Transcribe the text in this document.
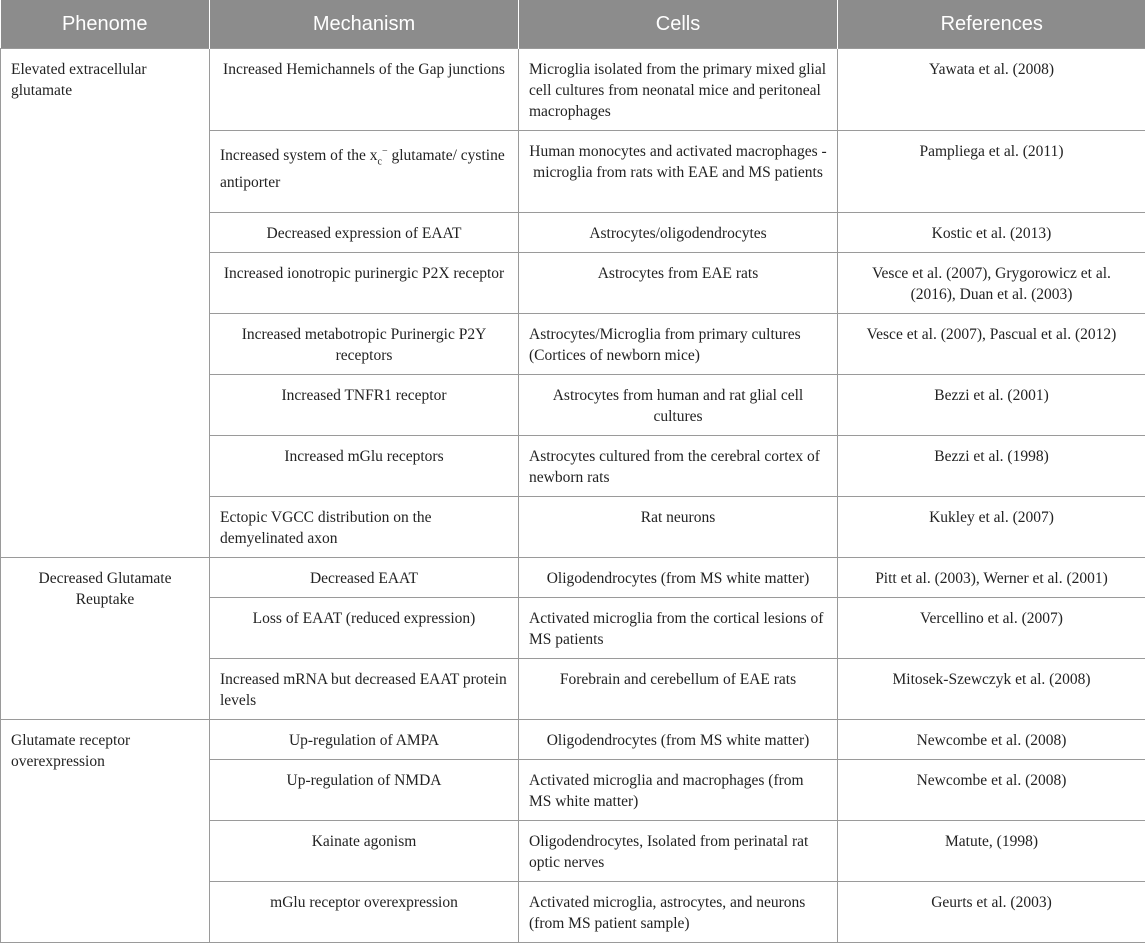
Phenome	Mechanism	Cells	References
Elevated extracellular glutamate	Increased Hemichannels of the Gap junctions	Microglia isolated from the primary mixed glial cell cultures from neonatal mice and peritoneal macrophages	Yawata et al. (2008)
	Increased system of the $x_c^-$ glutamate/ cystine antiporter	Human monocytes and activated macrophages -microglia from rats with EAE and MS patients	Pampliega et al. (2011)
	Decreased expression of EAAT	Astrocytes/oligodendrocytes	Kostic et al. (2013)
	Increased ionotropic purinergic P2X receptor	Astrocytes from EAE rats	Vesce et al. (2007), Grygorowicz et al. (2016), Duan et al. (2003)
	Increased metabotropic Purinergic P2Y receptors	Astrocytes/Microglia from primary cultures (Cortices of newborn mice)	Vesce et al. (2007), Pascual et al. (2012)
	Increased TNFR1 receptor	Astrocytes from human and rat glial cell cultures	Bezzi et al. (2001)
	Increased mGlu receptors	Astrocytes cultured from the cerebral cortex of newborn rats	Bezzi et al. (1998)
	Ectopic VGCC distribution on the demyelinated axon	Rat neurons	Kukley et al. (2007)
Decreased Glutamate Reuptake	Decreased EAAT	Oligodendrocytes (from MS white matter)	Pitt et al. (2003), Werner et al. (2001)
	Loss of EAAT (reduced expression)	Activated microglia from the cortical lesions of MS patients	Vercellino et al. (2007)
	Increased mRNA but decreased EAAT protein levels	Forebrain and cerebellum of EAE rats	Mitosek-Szewczyk et al. (2008)
Glutamate receptor overexpression	Up-regulation of AMPA	Oligodendrocytes (from MS white matter)	Newcombe et al. (2008)
	Up-regulation of NMDA	Activated microglia and macrophages (from MS white matter)	Newcombe et al. (2008)
	Kainate agonism	Oligodendrocytes, Isolated from perinatal rat optic nerves	Matute, (1998)
	mGlu receptor overexpression	Activated microglia, astrocytes, and neurons (from MS patient sample)	Geurts et al. (2003)
